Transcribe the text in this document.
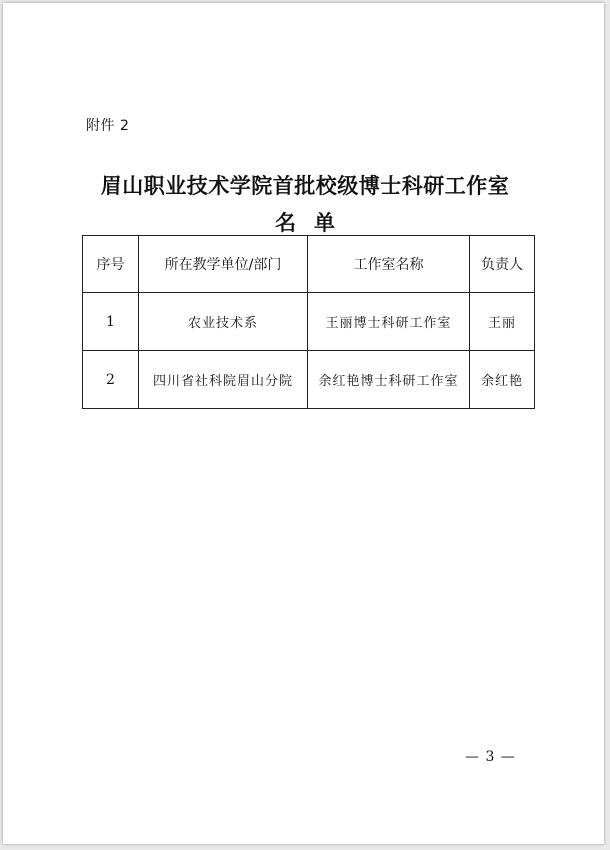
附件 2
眉山职业技术学院首批校级博士科研工作室
名单
序号	所在教学单位/部门	工作室名称	负责人
1	农业技术系	王丽博士科研工作室	王丽
2	四川省社科院眉山分院	余红艳博士科研工作室	余红艳
— 3 —
